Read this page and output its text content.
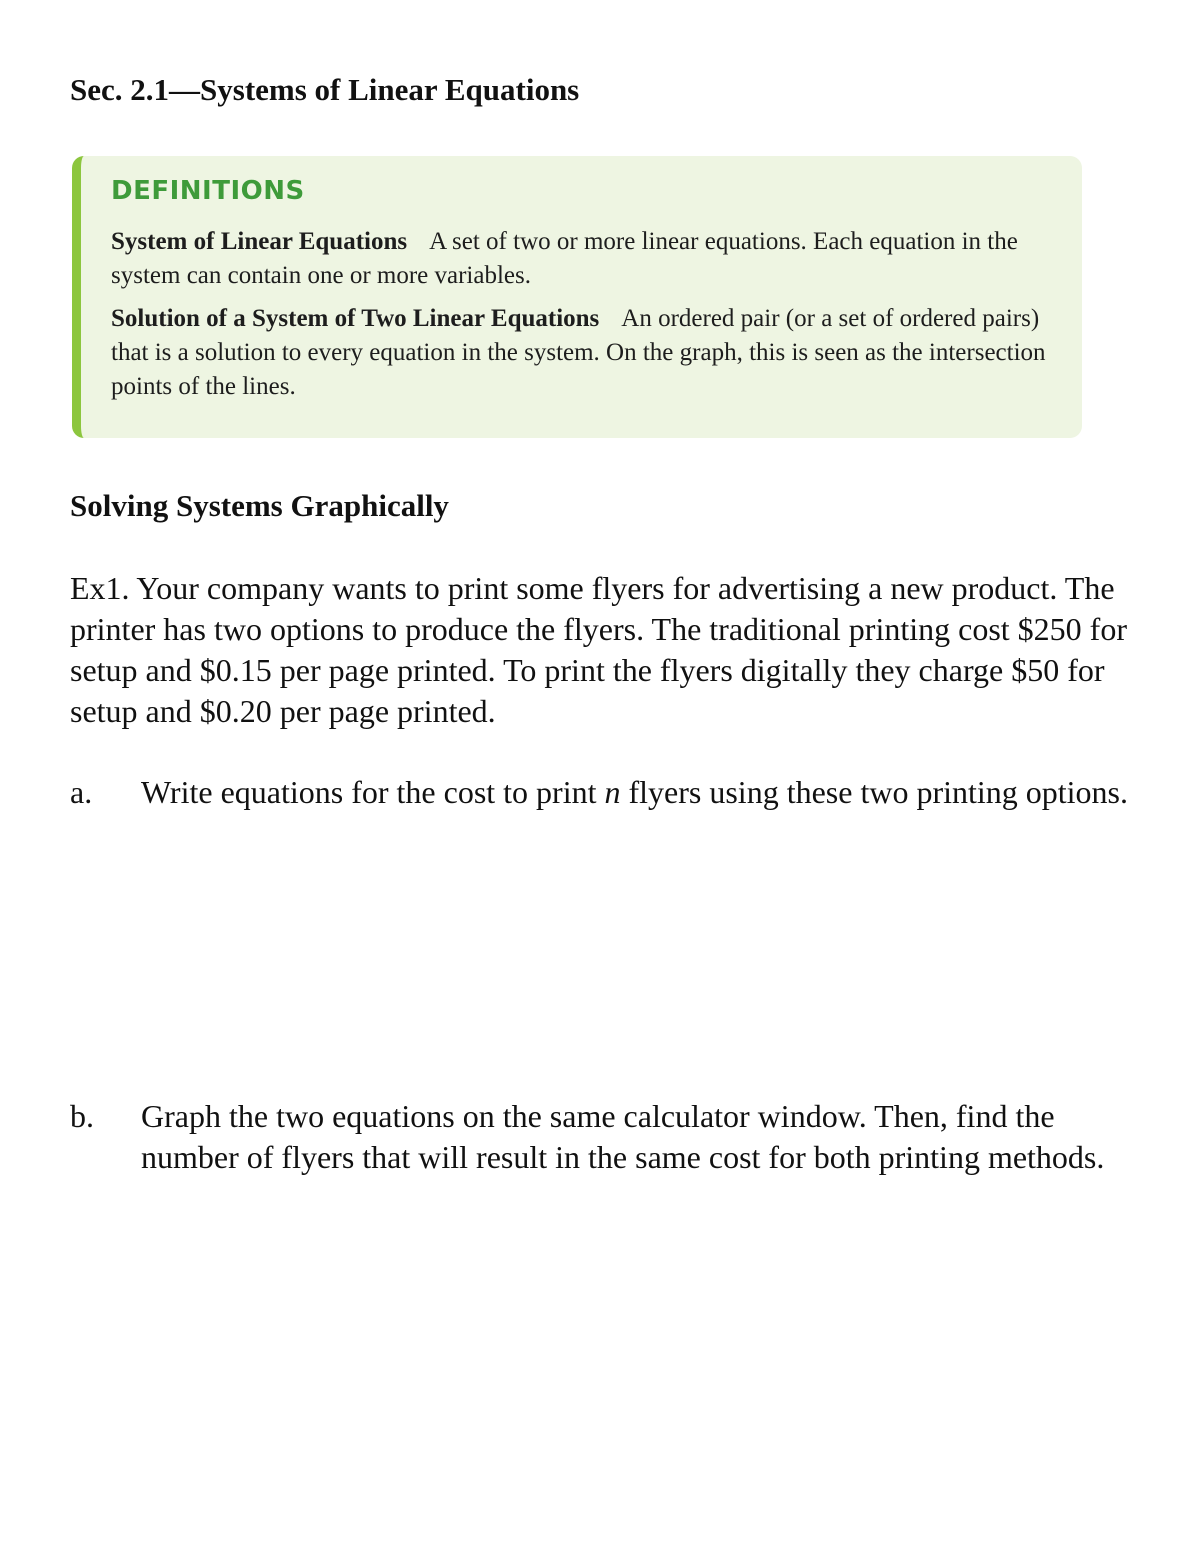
Sec. 2.1—Systems of Linear Equations
DEFINITIONS

System of Linear Equations A set of two or more linear equations. Each equation in the system can contain one or more variables.

Solution of a System of Two Linear Equations An ordered pair (or a set of ordered pairs) that is a solution to every equation in the system. On the graph, this is seen as the intersection points of the lines.

Solving Systems Graphically

Ex1. Your company wants to print some flyers for advertising a new product. The printer has two options to produce the flyers. The traditional printing cost $250 for setup and $0.15 per page printed. To print the flyers digitally they charge $50 for setup and $0.20 per page printed.

a. Write equations for the cost to print n flyers using these two printing options.

b. Graph the two equations on the same calculator window. Then, find the number of flyers that will result in the same cost for both printing methods.
